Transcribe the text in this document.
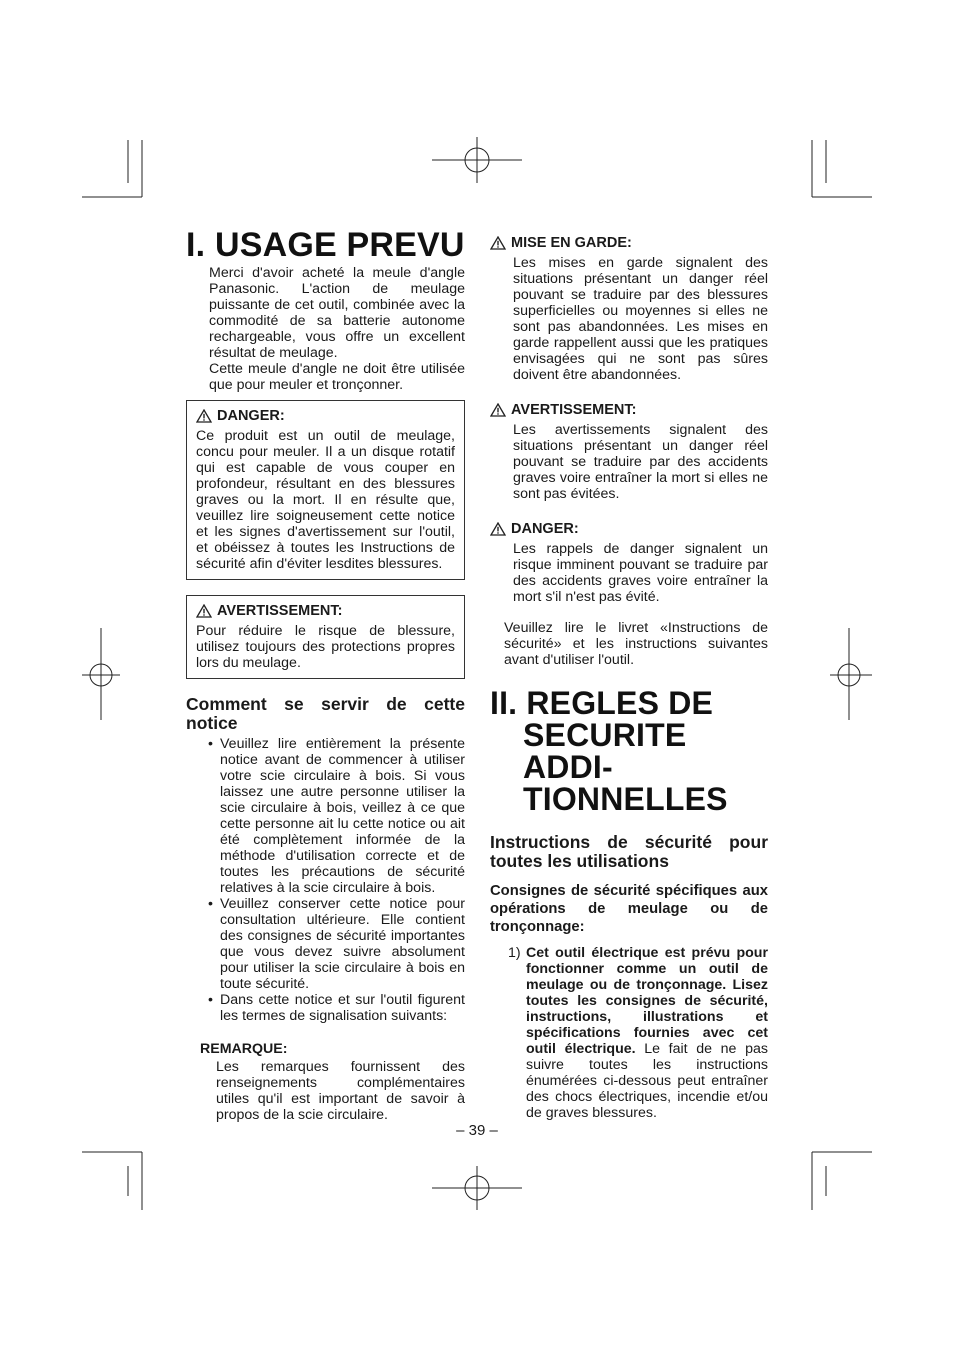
I. USAGE PREVU

Merci d'avoir acheté la meule d'angle Panasonic. L'action de meulage puissante de cet outil, combinée avec la commodité de sa batterie autonome rechargeable, vous offre un excellent résultat de meulage.

Cette meule d'angle ne doit être utilisée que pour meuler et tronçonner.

DANGER:

Ce produit est un outil de meulage, concu pour meuler. Il a un disque rotatif qui est capable de vous couper en profondeur, résultant en des blessures graves ou la mort. Il en résulte que, veuillez lire soigneusement cette notice et les signes d'avertissement sur l'outil, et obéissez à toutes les Instructions de sécurité afin d'éviter lesdites blessures.

AVERTISSEMENT:

Pour réduire le risque de blessure, utilisez toujours des protections propres lors du meulage.

Comment se servir de cette notice
• Veuillez lire entièrement la présente notice avant de commencer à utiliser votre scie circulaire à bois. Si vous laissez une autre personne utiliser la scie circulaire à bois, veillez à ce que cette personne ait lu cette notice ou ait été complètement informée de la méthode d'utilisation correcte et de toutes les précautions de sécurité relatives à la scie circulaire à bois.

• Veuillez conserver cette notice pour consultation ultérieure. Elle contient des consignes de sécurité importantes que vous devez suivre absolument pour utiliser la scie circulaire à bois en toute sécurité.

• Dans cette notice et sur l'outil figurent les termes de signalisation suivants:

REMARQUE:

Les remarques fournissent des renseignements complémentaires utiles qu'il est important de savoir à propos de la scie circulaire.

MISE EN GARDE:

Les mises en garde signalent des situations présentant un danger réel pouvant se traduire par des blessures superficielles ou moyennes si elles ne sont pas abandonnées. Les mises en garde rappellent aussi que les pratiques envisagées qui ne sont pas sûres doivent être abandonnées.

AVERTISSEMENT:

Les avertissements signalent des situations présentant un danger réel pouvant se traduire par des accidents graves voire entraîner la mort si elles ne sont pas évitées.

DANGER:

Les rappels de danger signalent un risque imminent pouvant se traduire par des accidents graves voire entraîner la mort s'il n'est pas évité.

Veuillez lire le livret «Instructions de sécurité» et les instructions suivantes avant d'utiliser l'outil.

II. REGLES DE
SECURITE ADDI-
TIONNELLES
Instructions de sécurité pour toutes les utilisations
Consignes de sécurité spécifiques aux opérations de meulage ou de tronçonnage:
1) Cet outil électrique est prévu pour fonctionner comme un outil de meulage ou de tronçonnage. Lisez toutes les consignes de sécurité, instructions, illustrations et spécifications fournies avec cet outil électrique. Le fait de ne pas suivre toutes les instructions énumérées ci-dessous peut entraîner des chocs électriques, incendie et/ou de graves blessures.

– 39 –
